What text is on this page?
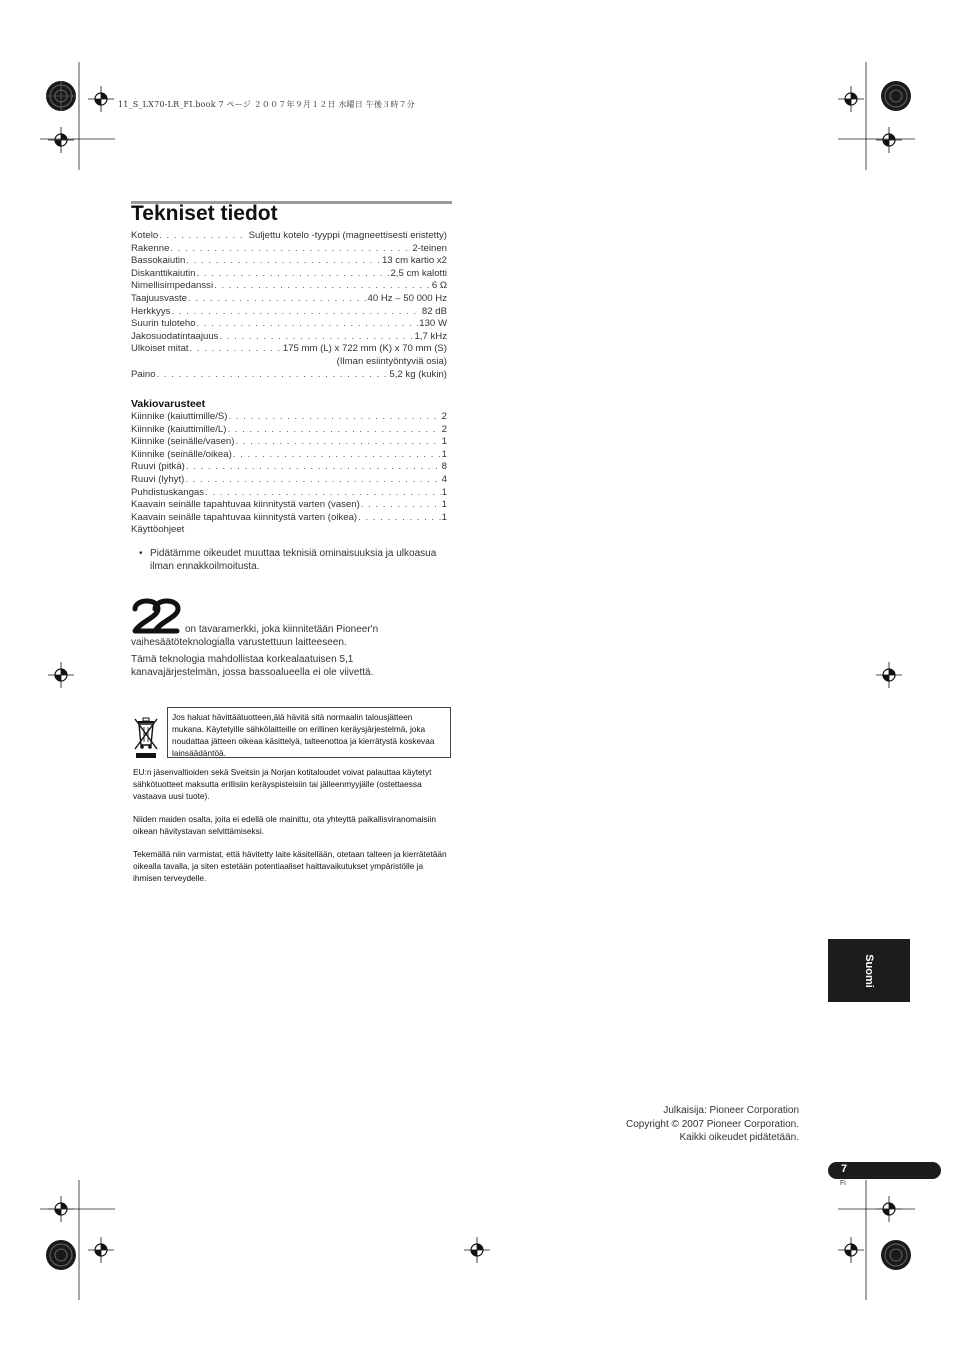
11_S_LX70-LR_FI.book 7 ページ ２００７年９月１２日 水曜日 午後３時７分
Tekniset tiedot
Kotelo . . .	Suljettu kotelo -tyyppi (magneettisesti eristetty)
Rakenne . . .	2-teinen
Bassokaiutin . . .	13 cm kartio x2
Diskanttikaiutin . . .	2,5 cm kalotti
Nimellisimpedanssi . . .	6 Ω
Taajuusvaste . . .	40 Hz – 50 000 Hz
Herkkyys . . .	82 dB
Suurin tuloteho . . .	130 W
Jakosuodatintaajuus . . .	1,7 kHz
Ulkoiset mitat . . .	175 mm (L) x 722 mm (K) x 70 mm (S)
(Ilman esiintyöntyviä osia)
Paino . . .	5,2 kg (kukin)
Vakiovarusteet
Kiinnike (kaiuttimille/S) . . .	2
Kiinnike (kaiuttimille/L) . . .	2
Kiinnike (seinälle/vasen) . . .	1
Kiinnike (seinälle/oikea) . . .	1
Ruuvi (pitkä) . . .	8
Ruuvi (lyhyt) . . .	4
Puhdistuskangas . . .	1
Kaavain seinälle tapahtuvaa kiinnitystä varten (vasen) . . .	1
Kaavain seinälle tapahtuvaa kiinnitystä varten (oikea) . . .	1
Käyttöohjeet
• Pidätämme oikeudet muuttaa teknisiä ominaisuuksia ja ulkoasua ilman ennakkoilmoitusta.
on tavaramerkki, joka kiinnitetään Pioneer'n vaihesäätöteknologialla varustettuun laitteeseen.
Tämä teknologia mahdollistaa korkealaatuisen 5,1 kanavajärjestelmän, jossa bassoalueella ei ole viivettä.
Jos haluat hävittäätuotteen,älä hävitä sitä normaalin talousjätteen mukana. Käytetyille sähkölaitteille on erillinen keräysjärjestelmä, joka noudattaa jätteen oikeaa käsittelyä, talteenottoa ja kierrätystä koskevaa lainsäädäntöä.
EU:n jäsenvaltioiden sekä Sveitsin ja Norjan kotitaloudet voivat palauttaa käytetyt sähkötuotteet maksutta erillisiin keräyspisteisiin tai jälleenmyyjälle (ostettaessa vastaava uusi tuote).
Niiden maiden osalta, joita ei edellä ole mainittu, ota yhteyttä paikallisviranomaisiin oikean hävitystavan selvittämiseksi.
Tekemällä niin varmistat, että hävitetty laite käsitellään, otetaan talteen ja kierrätetään oikealla tavalla, ja siten estetään potentiaaliset haittavaikutukset ympäristölle ja ihmisen terveydelle.
Suomi
Julkaisija: Pioneer Corporation
Copyright © 2007 Pioneer Corporation.
Kaikki oikeudet pidätetään.
7
Fi
